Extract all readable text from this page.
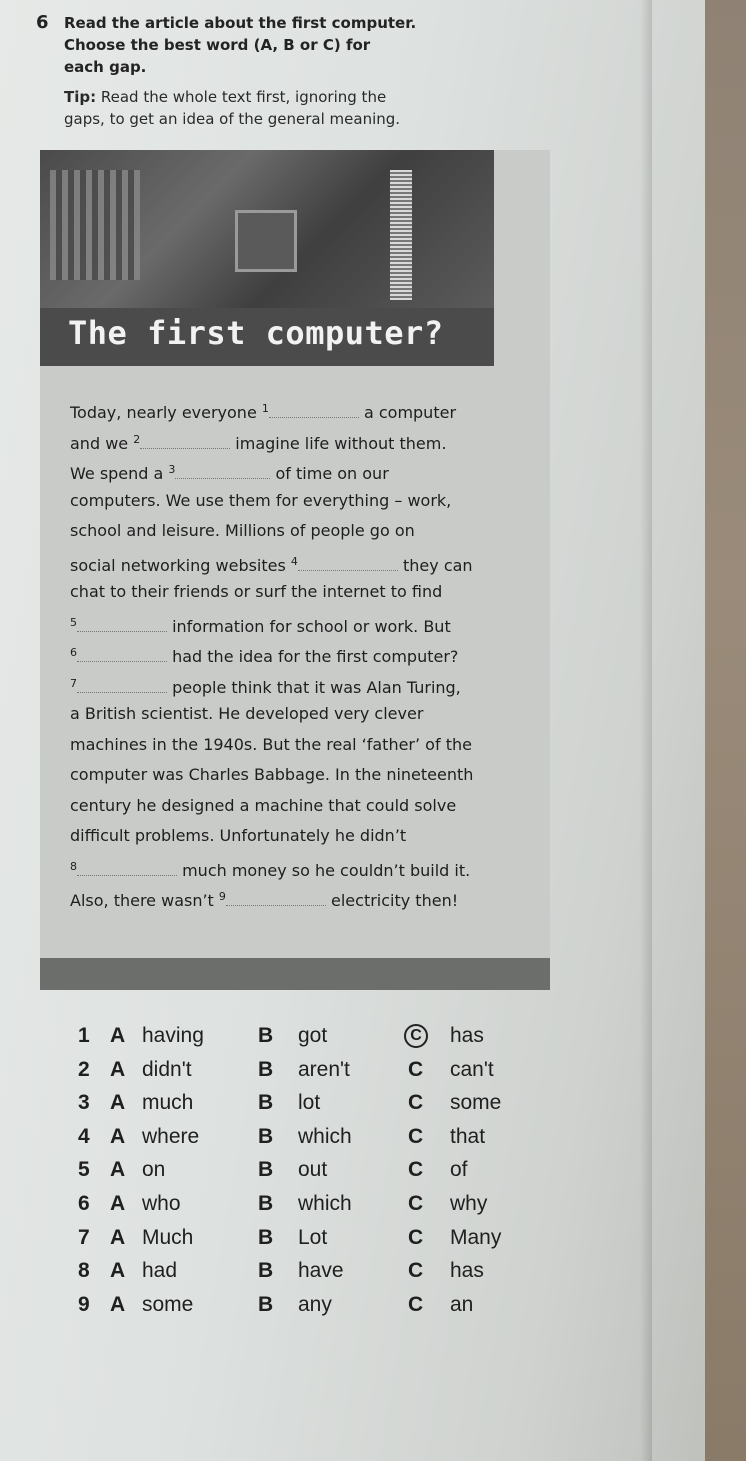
6 Read the article about the first computer.

Choose the best word (A, B or C) for

each gap.

Tip: Read the whole text first, ignoring the
gaps, to get an idea of the general meaning.
The first computer?
Today, nearly everyone $^1$	a computer
and we $^2$	imagine life without them.
We spend a $^3$	of time on our
computers. We use them for everything – work,
school and leisure. Millions of people go on
social networking websites $^4$	they can
chat to their friends or surf the internet to find
$^5$	information for school or work. But
$^6$	had the idea for the first computer?
$^7$	people think that it was Alan Turing,
a British scientist. He developed very clever
machines in the 1940s. But the real ‘father’ of the
computer was Charles Babbage. In the nineteenth
century he designed a machine that could solve
difficult problems. Unfortunately he didn’t
$^8$	much money so he couldn’t build it.
Also, there wasn’t $^9$	electricity then!
1 A having	B got	C has
2 A didn't	B aren't	C can't
3 A much	B lot	C some
4 A where	B which	C that
5 A on	B out	C of
6 A who	B which	C why
7 A Much	B Lot	C Many
8 A had	B have	C has
9 A some	B any	C an
